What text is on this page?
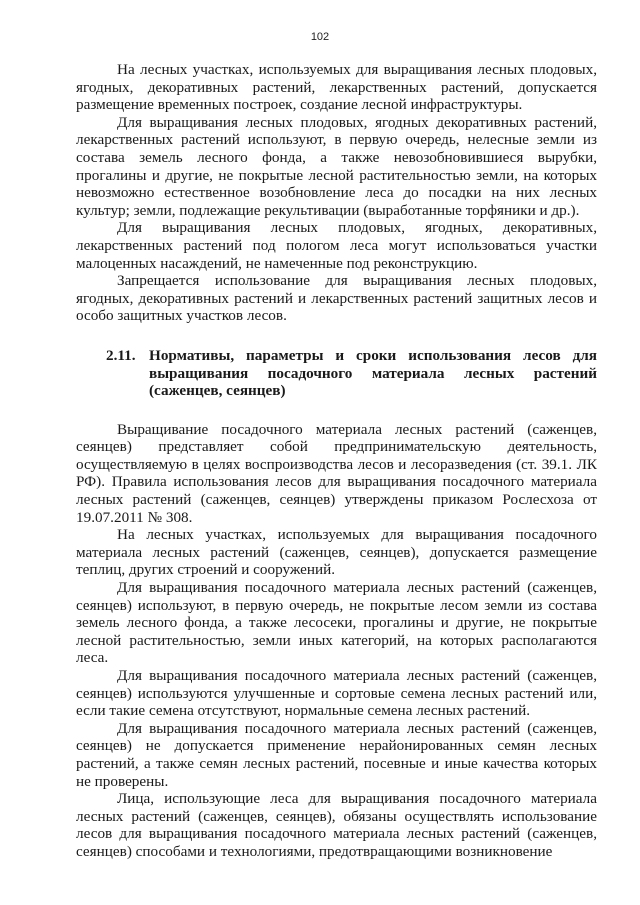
102

На лесных участках, используемых для выращивания лесных плодовых, ягодных, декоративных растений, лекарственных растений, допускается размещение временных построек, создание лесной инфраструктуры.

Для выращивания лесных плодовых, ягодных декоративных растений, лекарственных растений используют, в первую очередь, нелесные земли из состава земель лесного фонда, а также невозобновившиеся вырубки, прогалины и другие, не покрытые лесной растительностью земли, на которых невозможно естественное возобновление леса до посадки на них лесных культур; земли, подлежащие рекультивации (выработанные торфяники и др.).

Для выращивания лесных плодовых, ягодных, декоративных, лекарственных растений под пологом леса могут использоваться участки малоценных насаждений, не намеченные под реконструкцию.

Запрещается использование для выращивания лесных плодовых, ягодных, декоративных растений и лекарственных растений защитных лесов и особо защитных участков лесов.

2.11. Нормативы, параметры и сроки использования лесов для выращивания посадочного материала лесных растений (саженцев, сеянцев)

Выращивание посадочного материала лесных растений (саженцев, сеянцев) представляет собой предпринимательскую деятельность, осуществляемую в целях воспроизводства лесов и лесоразведения (ст. 39.1. ЛК РФ). Правила использования лесов для выращивания посадочного материала лесных растений (саженцев, сеянцев) утверждены приказом Рослесхоза от 19.07.2011 № 308.

На лесных участках, используемых для выращивания посадочного материала лесных растений (саженцев, сеянцев), допускается размещение теплиц, других строений и сооружений.

Для выращивания посадочного материала лесных растений (саженцев, сеянцев) используют, в первую очередь, не покрытые лесом земли из состава земель лесного фонда, а также лесосеки, прогалины и другие, не покрытые лесной растительностью, земли иных категорий, на которых располагаются леса.

Для выращивания посадочного материала лесных растений (саженцев, сеянцев) используются улучшенные и сортовые семена лесных растений или, если такие семена отсутствуют, нормальные семена лесных растений.

Для выращивания посадочного материала лесных растений (саженцев, сеянцев) не допускается применение нерайонированных семян лесных растений, а также семян лесных растений, посевные и иные качества которых не проверены.

Лица, использующие леса для выращивания посадочного материала лесных растений (саженцев, сеянцев), обязаны осуществлять использование лесов для выращивания посадочного материала лесных растений (саженцев, сеянцев) способами и технологиями, предотвращающими возникновение
